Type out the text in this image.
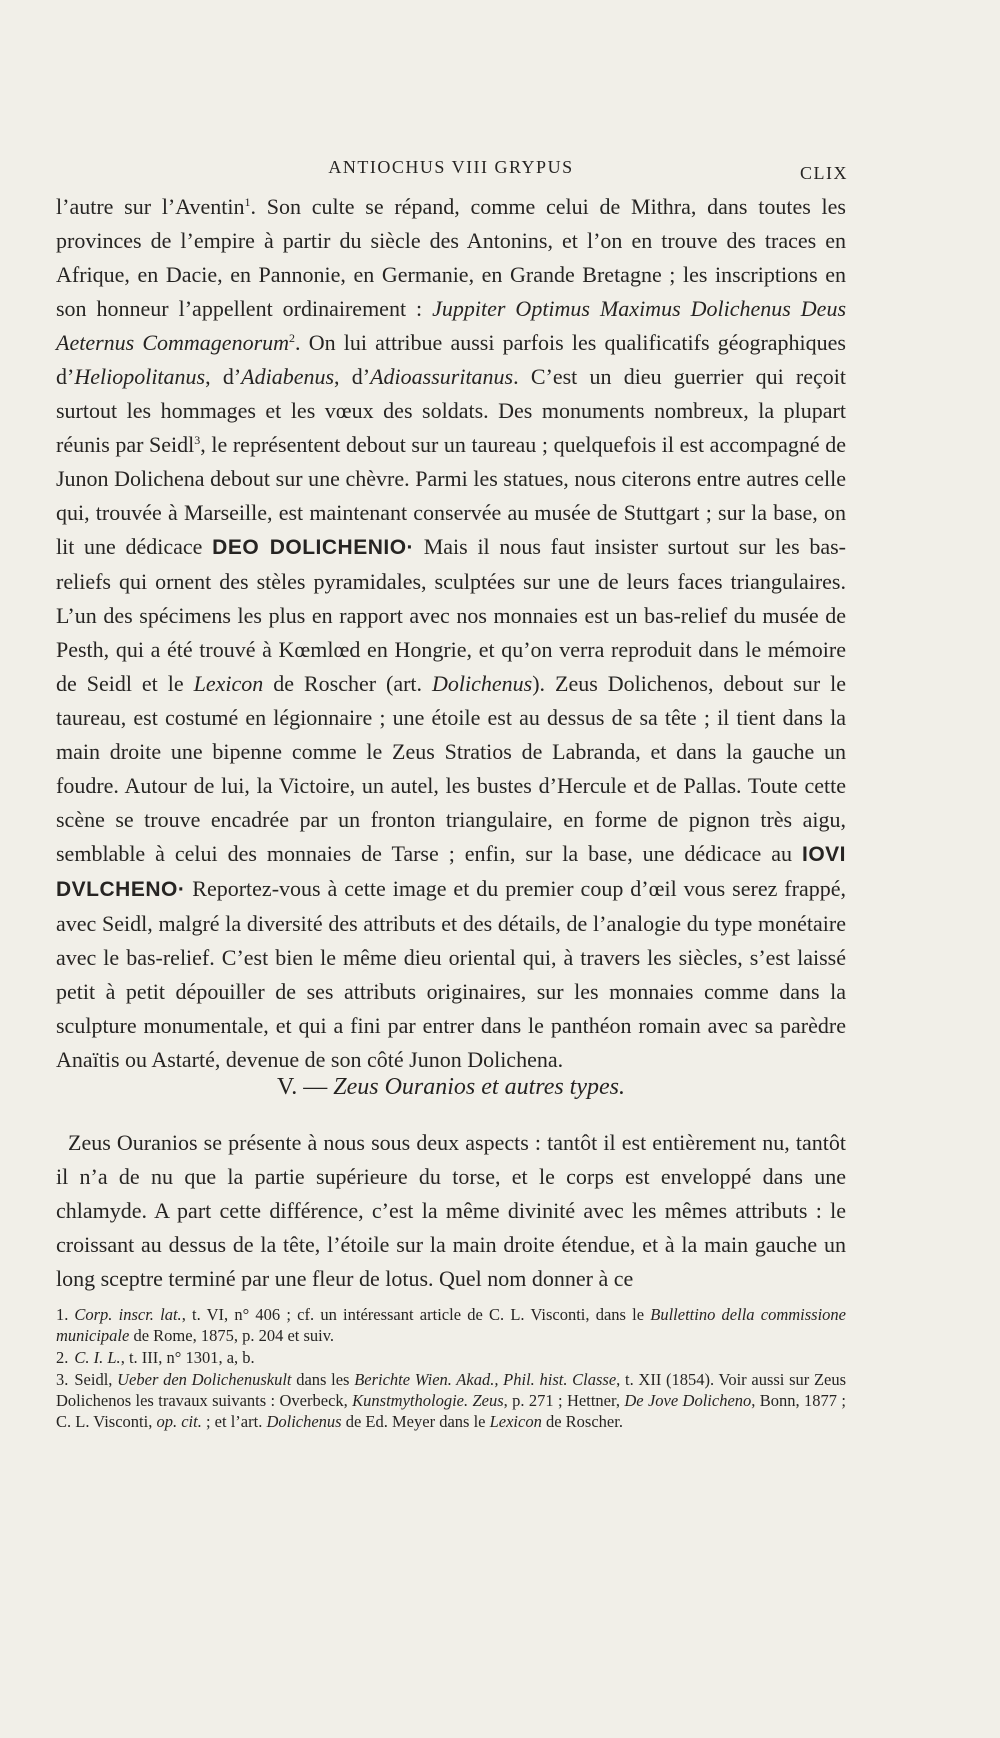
ANTIOCHUS VIII GRYPUS	CLIX

l’autre sur l’Aventin$^1$. Son culte se répand, comme celui de Mithra, dans toutes les provinces de l’empire à partir du siècle des Antonins, et l’on en trouve des traces en Afrique, en Dacie, en Pannonie, en Germanie, en Grande Bretagne ; les inscriptions en son honneur l’appellent ordinairement : Juppiter Optimus Maximus Dolichenus Deus Aeternus Commagenorum$^2$. On lui attribue aussi parfois les qualificatifs géographiques d’Heliopolitanus, d’Adiabenus, d’Adioassuritanus. C’est un dieu guerrier qui reçoit surtout les hommages et les vœux des soldats. Des monuments nombreux, la plupart réunis par Seidl$^3$, le représentent debout sur un taureau ; quelquefois il est accompagné de Junon Dolichena debout sur une chèvre. Parmi les statues, nous citerons entre autres celle qui, trouvée à Marseille, est maintenant conservée au musée de Stuttgart ; sur la base, on lit une dédicace DEO DOLICHENIO· Mais il nous faut insister surtout sur les bas-reliefs qui ornent des stèles pyramidales, sculptées sur une de leurs faces triangulaires. L’un des spécimens les plus en rapport avec nos monnaies est un bas-relief du musée de Pesth, qui a été trouvé à Kœmlœd en Hongrie, et qu’on verra reproduit dans le mémoire de Seidl et le Lexicon de Roscher (art. Dolichenus). Zeus Dolichenos, debout sur le taureau, est costumé en légionnaire ; une étoile est au dessus de sa tête ; il tient dans la main droite une bipenne comme le Zeus Stratios de Labranda, et dans la gauche un foudre. Autour de lui, la Victoire, un autel, les bustes d’Hercule et de Pallas. Toute cette scène se trouve encadrée par un fronton triangulaire, en forme de pignon très aigu, semblable à celui des monnaies de Tarse ; enfin, sur la base, une dédicace au IOVI DVLCHENO· Reportez-vous à cette image et du premier coup d’œil vous serez frappé, avec Seidl, malgré la diversité des attributs et des détails, de l’analogie du type monétaire avec le bas-relief. C’est bien le même dieu oriental qui, à travers les siècles, s’est laissé petit à petit dépouiller de ses attributs originaires, sur les monnaies comme dans la sculpture monumentale, et qui a fini par entrer dans le panthéon romain avec sa parèdre Anaïtis ou Astarté, devenue de son côté Junon Dolichena.

V. — Zeus Ouranios et autres types.

Zeus Ouranios se présente à nous sous deux aspects : tantôt il est entièrement nu, tantôt il n’a de nu que la partie supérieure du torse, et le corps est enveloppé dans une chlamyde. A part cette différence, c’est la même divinité avec les mêmes attributs : le croissant au dessus de la tête, l’étoile sur la main droite étendue, et à la main gauche un long sceptre terminé par une fleur de lotus. Quel nom donner à ce

1. Corp. inscr. lat., t. VI, n° 406 ; cf. un intéressant article de C. L. Visconti, dans le Bullettino della commissione municipale de Rome, 1875, p. 204 et suiv.

2. C. I. L., t. III, n° 1301, a, b.

3. Seidl, Ueber den Dolichenuskult dans les Berichte Wien. Akad., Phil. hist. Classe, t. XII (1854). Voir aussi sur Zeus Dolichenos les travaux suivants : Overbeck, Kunstmythologie. Zeus, p. 271 ; Hettner, De Jove Dolicheno, Bonn, 1877 ; C. L. Visconti, op. cit. ; et l’art. Dolichenus de Ed. Meyer dans le Lexicon de Roscher.
